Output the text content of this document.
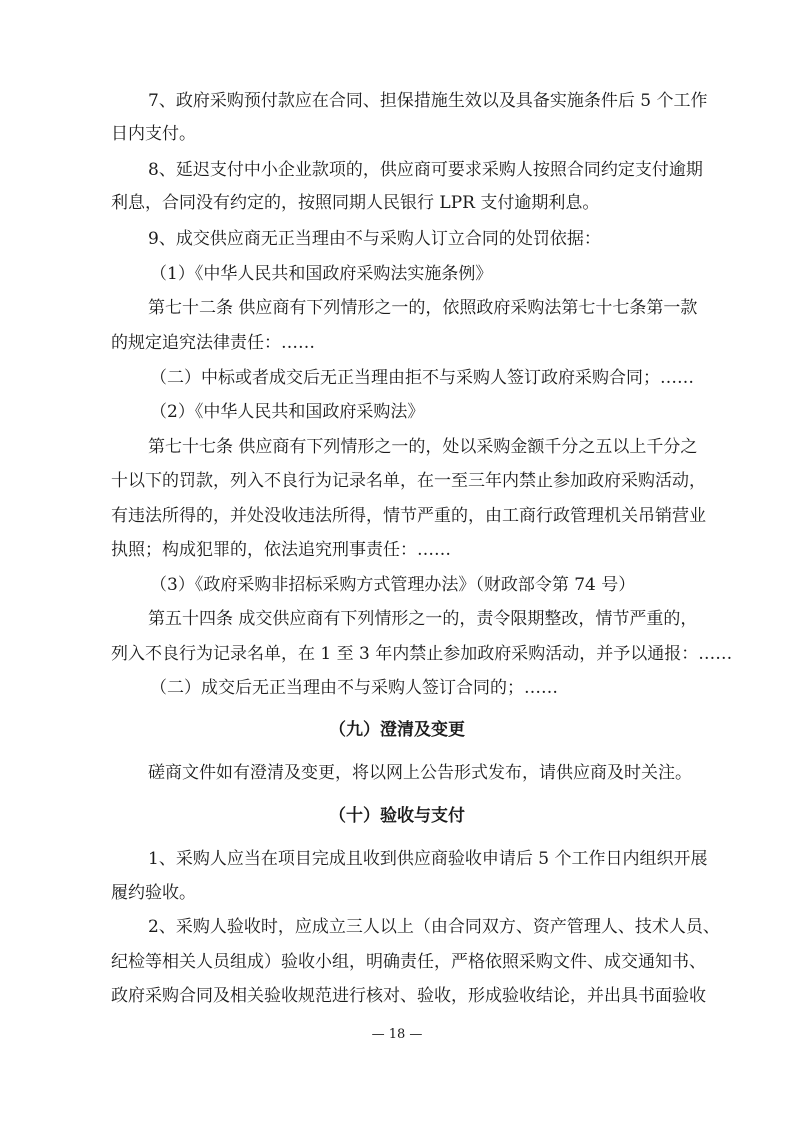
7、政府采购预付款应在合同、担保措施生效以及具备实施条件后 5 个工作
日内支付。
8、延迟支付中小企业款项的，供应商可要求采购人按照合同约定支付逾期
利息，合同没有约定的，按照同期人民银行 LPR 支付逾期利息。
9、成交供应商无正当理由不与采购人订立合同的处罚依据：
（1）《中华人民共和国政府采购法实施条例》
第七十二条 供应商有下列情形之一的，依照政府采购法第七十七条第一款
的规定追究法律责任：……
（二）中标或者成交后无正当理由拒不与采购人签订政府采购合同；……
（2）《中华人民共和国政府采购法》
第七十七条 供应商有下列情形之一的，处以采购金额千分之五以上千分之
十以下的罚款，列入不良行为记录名单，在一至三年内禁止参加政府采购活动，
有违法所得的，并处没收违法所得，情节严重的，由工商行政管理机关吊销营业
执照；构成犯罪的，依法追究刑事责任：……
（3）《政府采购非招标采购方式管理办法》（财政部令第 74 号）
第五十四条 成交供应商有下列情形之一的，责令限期整改，情节严重的，
列入不良行为记录名单，在 1 至 3 年内禁止参加政府采购活动，并予以通报：……
（二）成交后无正当理由不与采购人签订合同的；……
（九）澄清及变更
磋商文件如有澄清及变更，将以网上公告形式发布，请供应商及时关注。
（十）验收与支付
1、采购人应当在项目完成且收到供应商验收申请后 5 个工作日内组织开展
履约验收。
2、采购人验收时，应成立三人以上（由合同双方、资产管理人、技术人员、
纪检等相关人员组成）验收小组，明确责任，严格依照采购文件、成交通知书、
政府采购合同及相关验收规范进行核对、验收，形成验收结论，并出具书面验收
— 18 —
